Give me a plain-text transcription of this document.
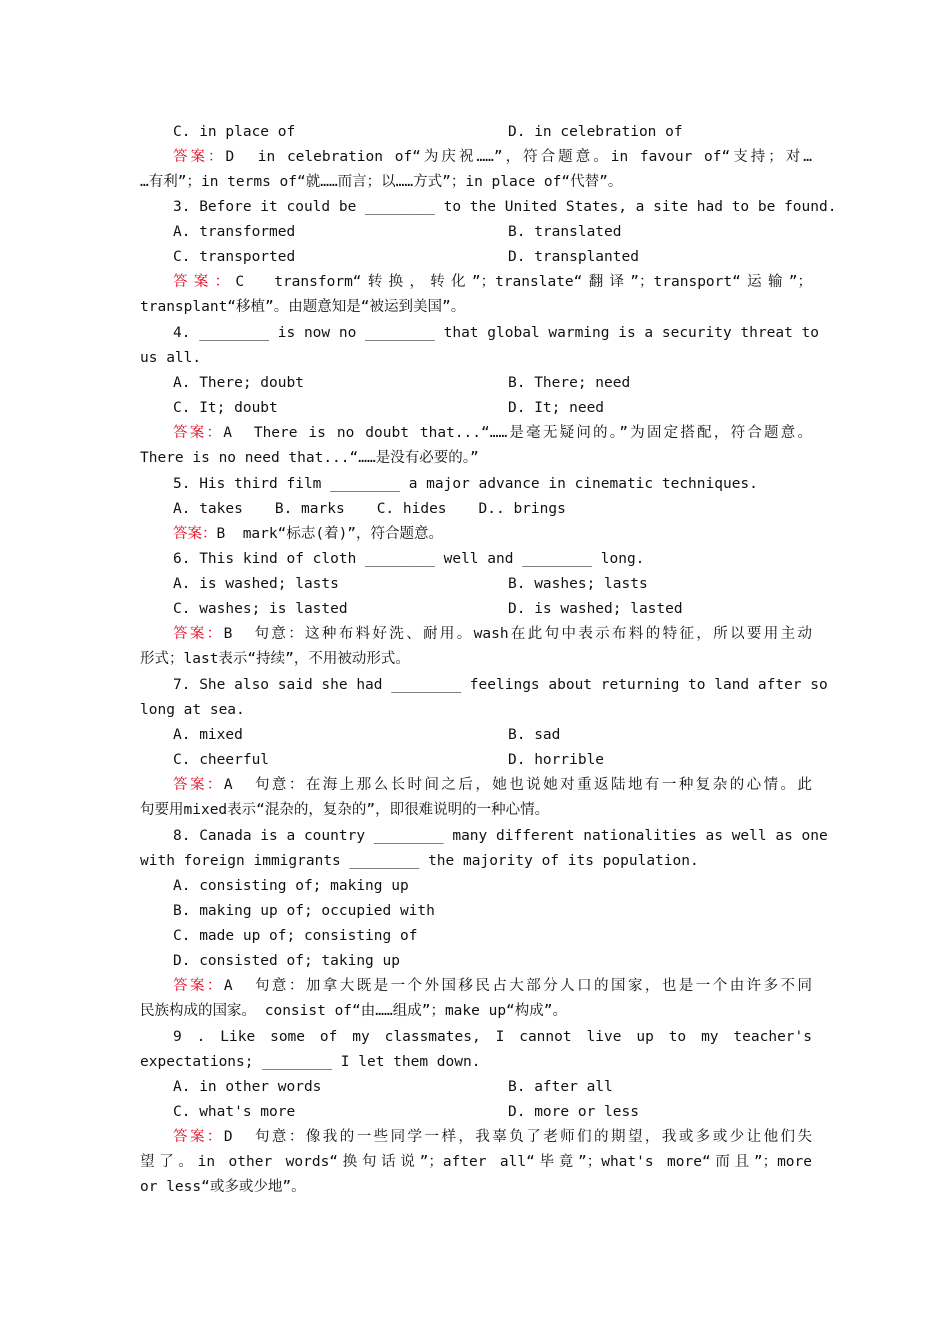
C. in place of	D. in celebration of
答案：D  in celebration of“为庆祝……”，符合题意。in favour of“支持；对…
…有利”；in terms of“就……而言；以……方式”；in place of“代替”。
3. Before it could be ________ to the United States, a site had to be found.
A. transformed	B. translated
C. transported	D. transplanted
答案：C  transform“转换，转化”；translate“翻译”；transport“运输”；
transplant“移植”。由题意知是“被运到美国”。
4. ________ is now no ________ that global warming is a security threat to
us all.
A. There; doubt	B. There; need
C. It; doubt	D. It; need
答案：A  There is no doubt that...“……是毫无疑问的。”为固定搭配，符合题意。
There is no need that...“……是没有必要的。”
5. His third film ________ a major advance in cinematic techniques.
A. takes B. marks C. hides D.. brings
答案：B  mark“标志(着)”，符合题意。
6. This kind of cloth ________ well and ________ long.
A. is washed; lasts	B. washes; lasts
C. washes; is lasted	D. is washed; lasted
答案：B  句意：这种布料好洗、耐用。wash在此句中表示布料的特征，所以要用主动
形式；last表示“持续”，不用被动形式。
7. She also said she had ________ feelings about returning to land after so
long at sea.
A. mixed	B. sad
C. cheerful	D. horrible
答案：A  句意：在海上那么长时间之后，她也说她对重返陆地有一种复杂的心情。此
句要用mixed表示“混杂的，复杂的”，即很难说明的一种心情。
8. Canada is a country ________ many different nationalities as well as one
with foreign immigrants ________ the majority of its population.
A. consisting of; making up
B. making up of; occupied with
C. made up of; consisting of
D. consisted of; taking up
答案：A  句意：加拿大既是一个外国移民占大部分人口的国家，也是一个由许多不同
民族构成的国家。 consist of“由……组成”；make up“构成”。
9 . Like some of my classmates, I cannot live up to my teacher's
expectations; ________ I let them down.
A. in other words	B. after all
C. what's more	D. more or less
答案：D  句意：像我的一些同学一样，我辜负了老师们的期望，我或多或少让他们失
望了。in other words“换句话说”；after all“毕竟”；what's more“而且”；more
or less“或多或少地”。
